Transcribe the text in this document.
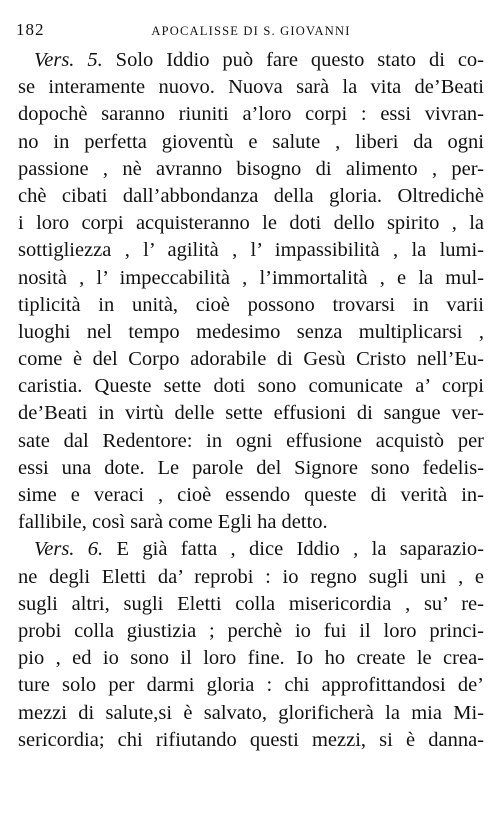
182	APOCALISSE DI S. GIOVANNI
Vers. 5. Solo Iddio può fare questo stato di co-
se interamente nuovo. Nuova sarà la vita de’Beati
dopochè saranno riuniti a’loro corpi : essi vivran-
no in perfetta gioventù e salute , liberi da ogni
passione , nè avranno bisogno di alimento , per-
chè cibati dall’abbondanza della gloria. Oltredichè
i loro corpi acquisteranno le doti dello spirito , la
sottigliezza , l’ agilità , l’ impassibilità , la lumi-
nosità , l’ impeccabilità , l’immortalità , e la mul-
tiplicità in unità, cioè possono trovarsi in varii
luoghi nel tempo medesimo senza multiplicarsi ,
come è del Corpo adorabile di Gesù Cristo nell’Eu-
caristia. Queste sette doti sono comunicate a’ corpi
de’Beati in virtù delle sette effusioni di sangue ver-
sate dal Redentore: in ogni effusione acquistò per
essi una dote. Le parole del Signore sono fedelis-
sime e veraci , cioè essendo queste di verità in-
fallibile, così sarà come Egli ha detto.
Vers. 6. E già fatta , dice Iddio , la saparazio-
ne degli Eletti da’ reprobi : io regno sugli uni , e
sugli altri, sugli Eletti colla misericordia , su’ re-
probi colla giustizia ; perchè io fui il loro princi-
pio , ed io sono il loro fine. Io ho create le crea-
ture solo per darmi gloria : chi approfittandosi de’
mezzi di salute,si è salvato, glorificherà la mia Mi-
sericordia; chi rifiutando questi mezzi, si è danna-
